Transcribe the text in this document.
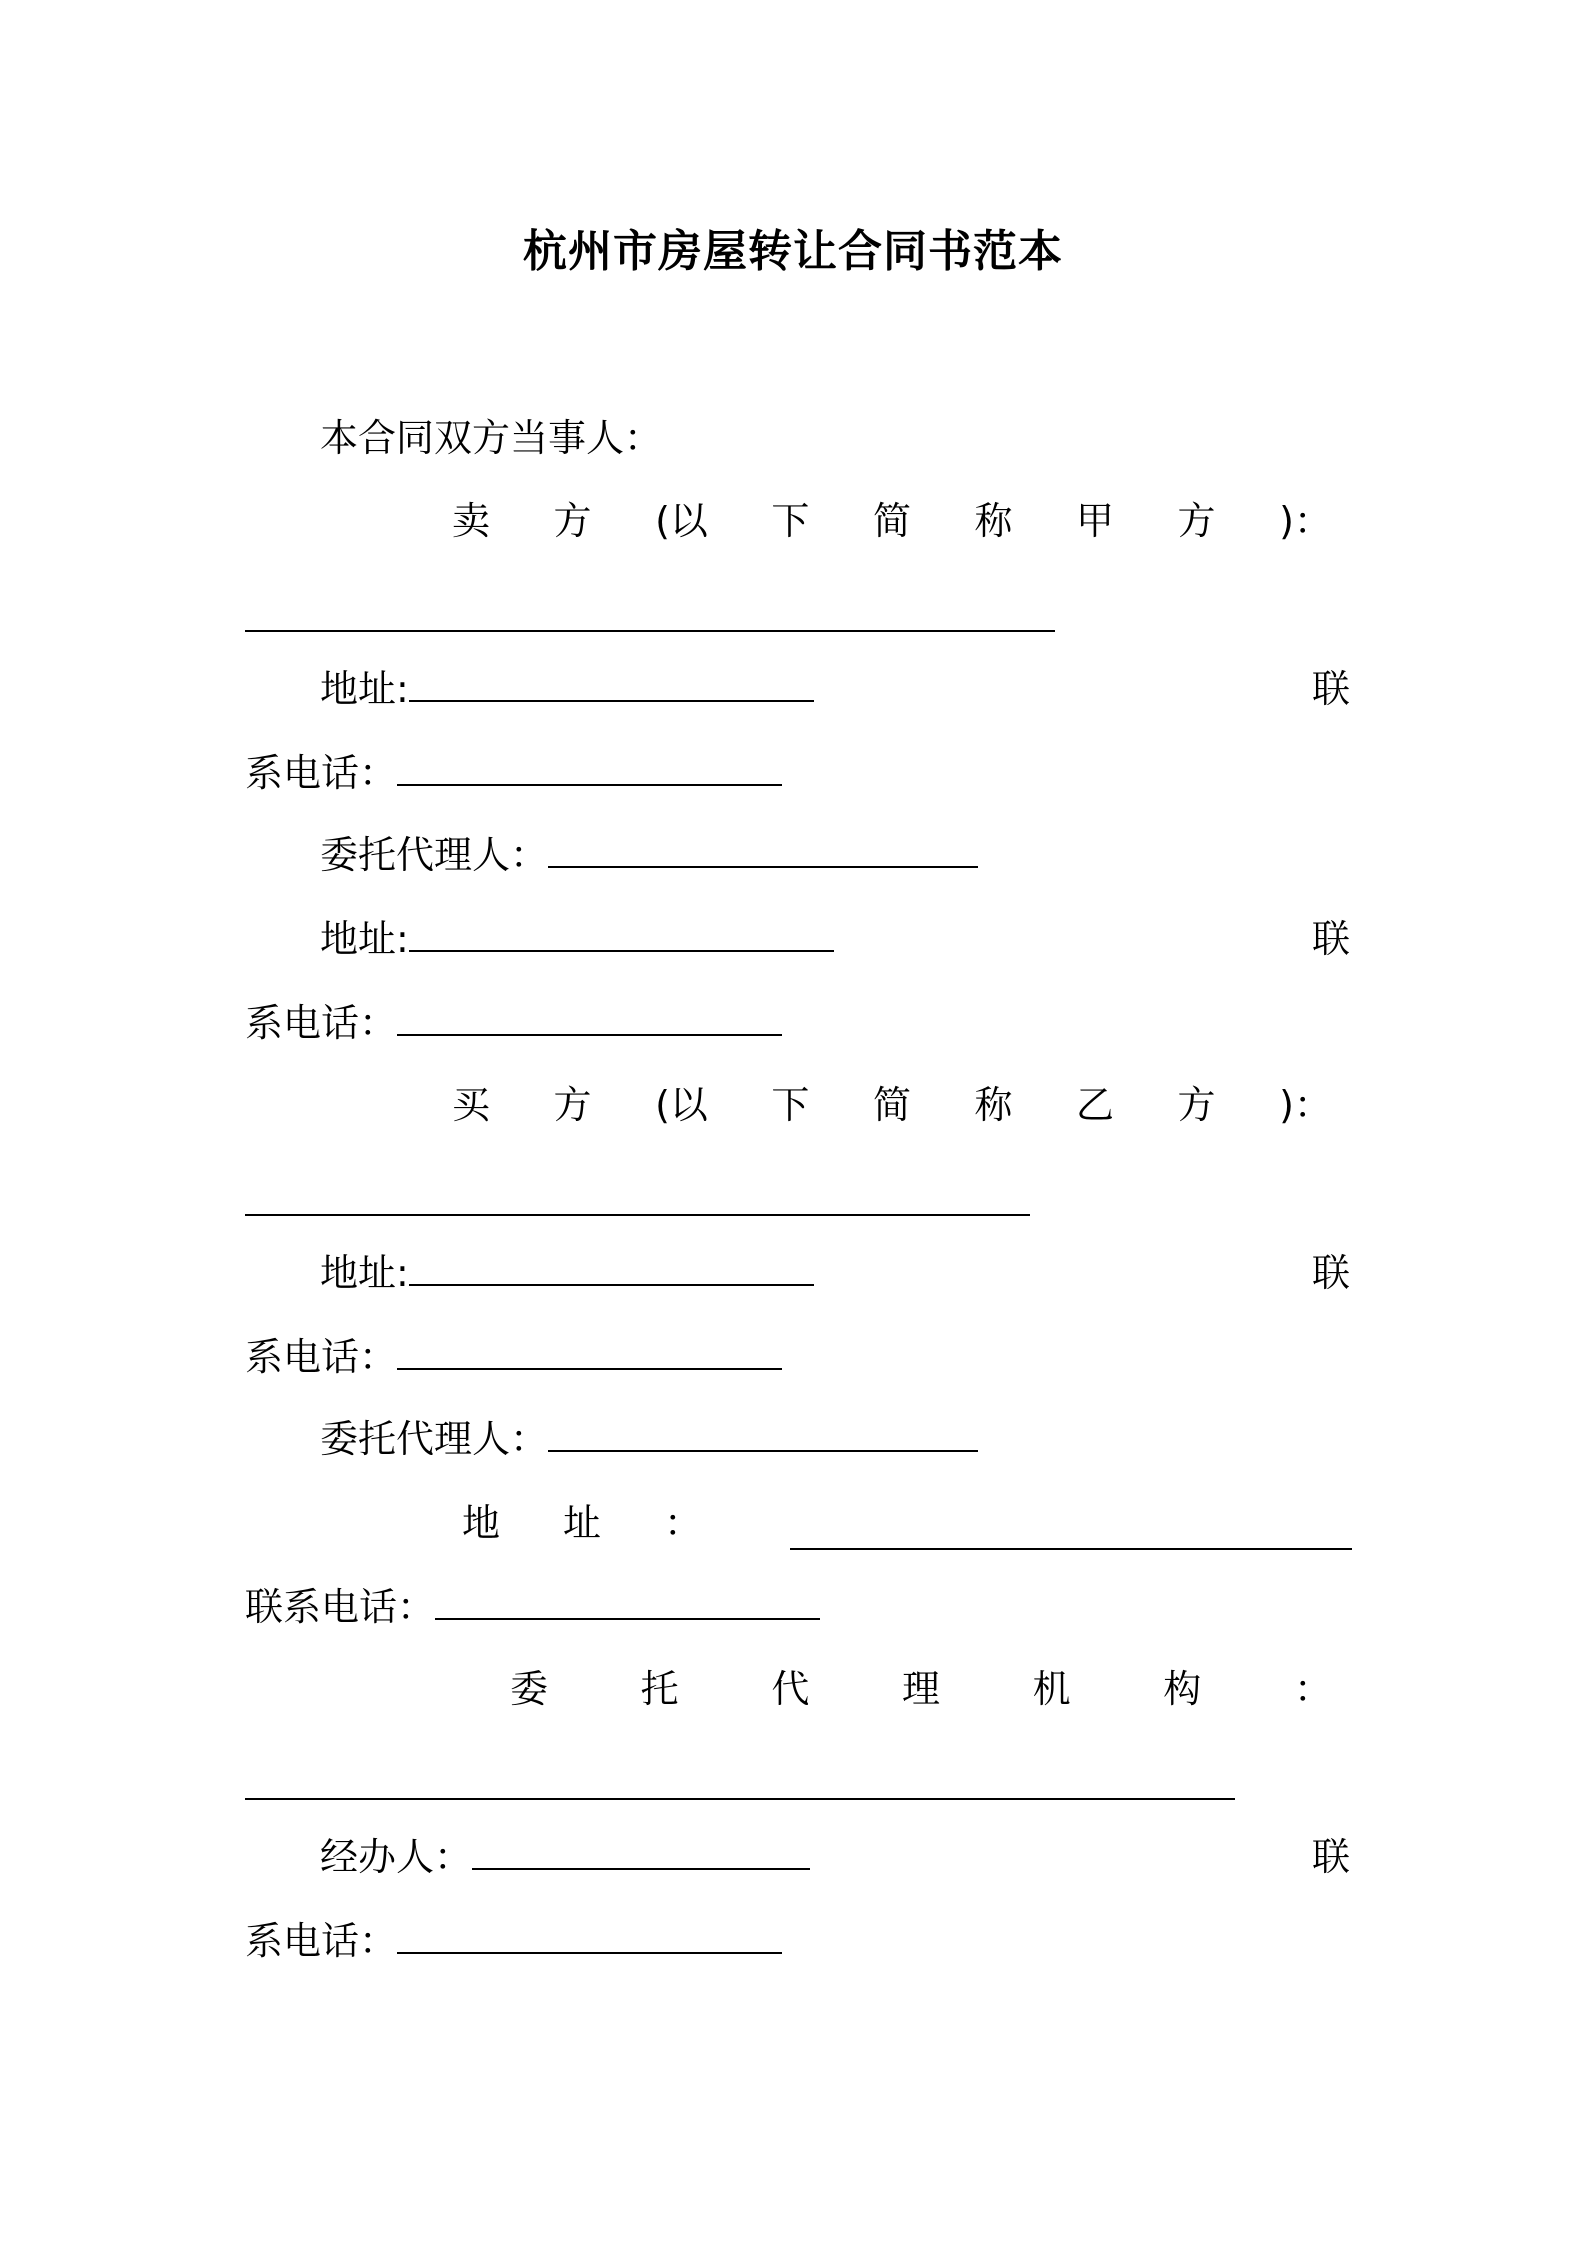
杭州市房屋转让合同书范本
本合同双方当事人：
卖 方 (以 下 简 称 甲 方 )：
地址:	联
系电话：
委托代理人：
地址:	联
系电话：
买 方 (以 下 简 称 乙 方 )：
地址:	联
系电话：
委托代理人：
地 址 ：
联系电话：
委 托 代 理 机 构 ：
经办人：	联
系电话：
